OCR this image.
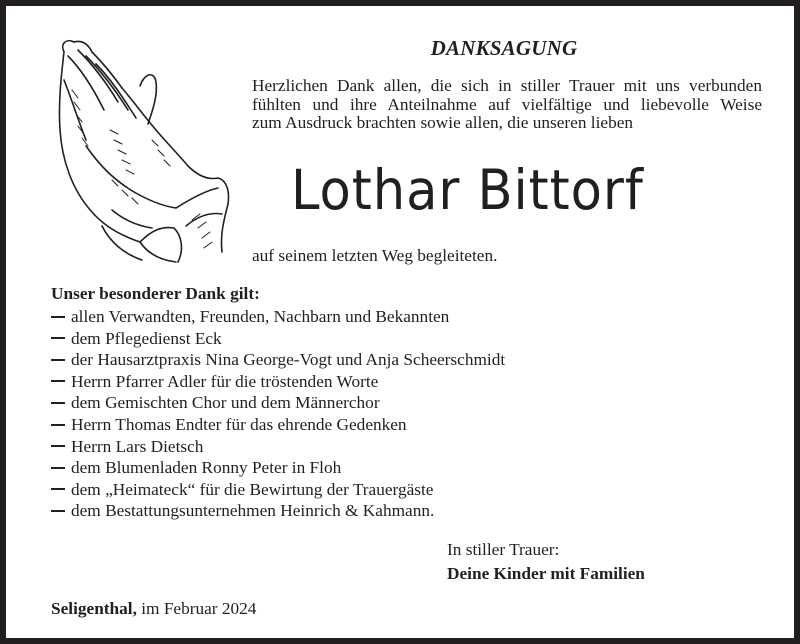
DANKSAGUNG
Herzlichen Dank allen, die sich in stiller Trauer mit uns verbunden
fühlten und ihre Anteilnahme auf vielfältige und liebevolle Weise
zum Ausdruck brachten sowie allen, die unseren lieben
Lothar Bittorf
auf seinem letzten Weg begleiteten.
Unser besonderer Dank gilt:
allen Verwandten, Freunden, Nachbarn und Bekannten
dem Pflegedienst Eck
der Hausarztpraxis Nina George-Vogt und Anja Scheerschmidt
Herrn Pfarrer Adler für die tröstenden Worte
dem Gemischten Chor und dem Männerchor
Herrn Thomas Endter für das ehrende Gedenken
Herrn Lars Dietsch
dem Blumenladen Ronny Peter in Floh
dem „Heimateck“ für die Bewirtung der Trauergäste
dem Bestattungsunternehmen Heinrich & Kahmann.
In stiller Trauer:
Deine Kinder mit Familien
Seligenthal, im Februar 2024
